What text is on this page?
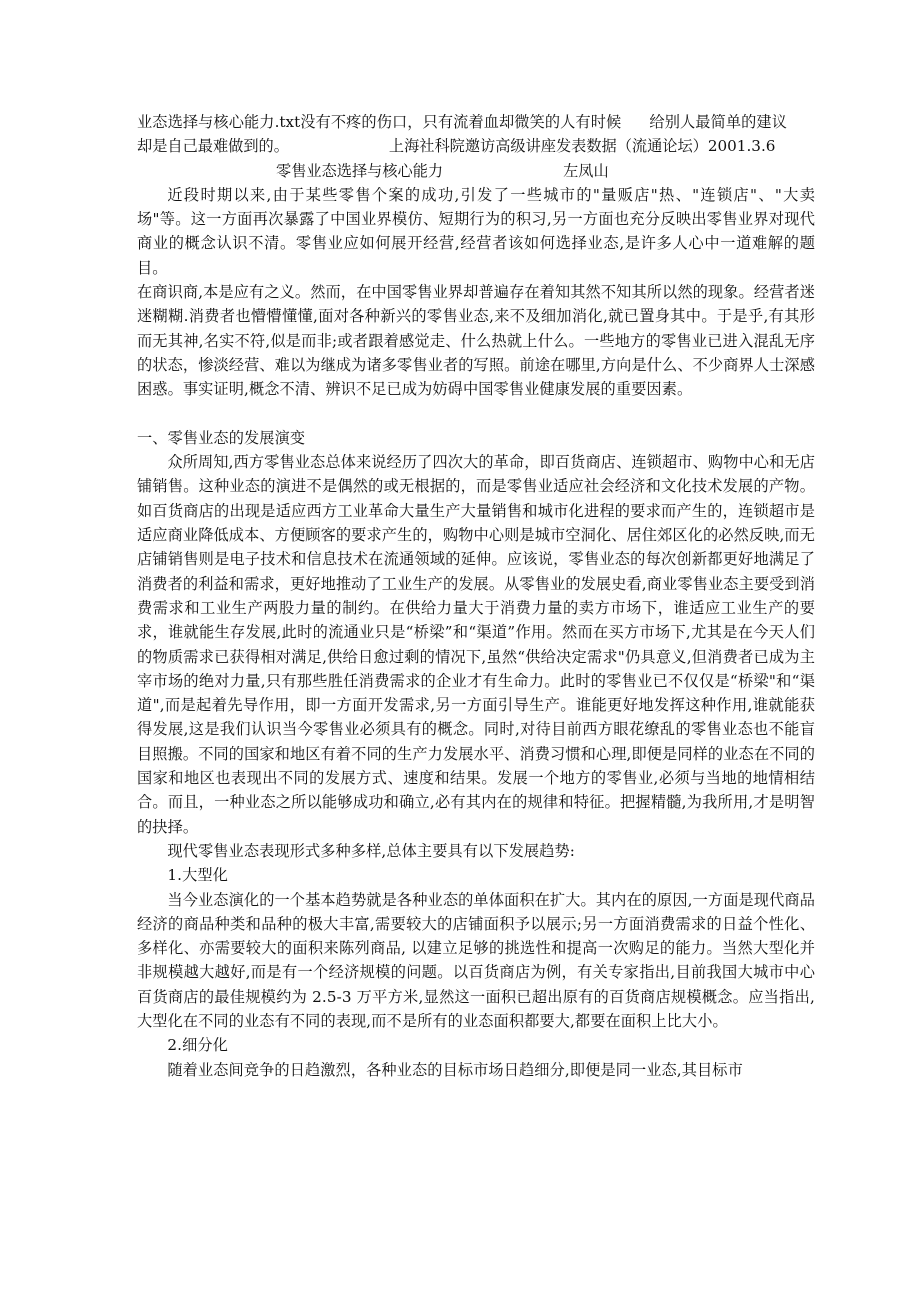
业态选择与核心能力.txt没有不疼的伤口，只有流着血却微笑的人有时候 给别人最简单的建议却是自己最难做到的。	上海社科院邀访高级讲座发表数据（流通论坛）2001.3.6
零售业态选择与核心能力	左凤山

近段时期以来,由于某些零售个案的成功,引发了一些城市的"量贩店"热、"连锁店"、"大卖场"等。这一方面再次暴露了中国业界模仿、短期行为的积习,另一方面也充分反映出零售业界对现代商业的概念认识不清。零售业应如何展开经营,经营者该如何选择业态,是许多人心中一道难解的题目。

在商识商,本是应有之义。然而，在中国零售业界却普遍存在着知其然不知其所以然的现象。经营者迷迷糊糊.消费者也懵懵懂懂,面对各种新兴的零售业态,来不及细加消化,就已置身其中。于是乎,有其形而无其神,名实不符,似是而非;或者跟着感觉走、什么热就上什么。一些地方的零售业已进入混乱无序的状态，惨淡经营、难以为继成为诸多零售业者的写照。前途在哪里,方向是什么、不少商界人士深感困惑。事实证明,概念不清、辨识不足已成为妨碍中国零售业健康发展的重要因素。

一、零售业态的发展演变

众所周知,西方零售业态总体来说经历了四次大的革命，即百货商店、连锁超市、购物中心和无店铺销售。这种业态的演进不是偶然的或无根据的，而是零售业适应社会经济和文化技术发展的产物。如百货商店的出现是适应西方工业革命大量生产大量销售和城市化进程的要求而产生的，连锁超市是适应商业降低成本、方便顾客的要求产生的，购物中心则是城市空洞化、居住郊区化的必然反映,而无店铺销售则是电子技术和信息技术在流通领域的延伸。应该说，零售业态的每次创新都更好地满足了消费者的利益和需求，更好地推动了工业生产的发展。从零售业的发展史看,商业零售业态主要受到消费需求和工业生产两股力量的制约。在供给力量大于消费力量的卖方市场下，谁适应工业生产的要求，谁就能生存发展,此时的流通业只是“桥梁”和“渠道”作用。然而在买方市场下,尤其是在今天人们的物质需求已获得相对满足,供给日愈过剩的情况下,虽然“供给决定需求"仍具意义,但消费者已成为主宰市场的绝对力量,只有那些胜任消费需求的企业才有生命力。此时的零售业已不仅仅是“桥梁"和“渠道",而是起着先导作用，即一方面开发需求,另一方面引导生产。谁能更好地发挥这种作用,谁就能获得发展,这是我们认识当今零售业必须具有的概念。同时,对待目前西方眼花缭乱的零售业态也不能盲目照搬。不同的国家和地区有着不同的生产力发展水平、消费习惯和心理,即便是同样的业态在不同的国家和地区也表现出不同的发展方式、速度和结果。发展一个地方的零售业,必须与当地的地情相结合。而且，一种业态之所以能够成功和确立,必有其内在的规律和特征。把握精髓,为我所用,才是明智的抉择。

现代零售业态表现形式多种多样,总体主要具有以下发展趋势:

1.大型化

当今业态演化的一个基本趋势就是各种业态的单体面积在扩大。其内在的原因,一方面是现代商品经济的商品种类和品种的极大丰富,需要较大的店铺面积予以展示;另一方面消费需求的日益个性化、多样化、亦需要较大的面积来陈列商品, 以建立足够的挑选性和提高一次购足的能力。当然大型化并非规模越大越好,而是有一个经济规模的问题。以百货商店为例，有关专家指出,目前我国大城市中心百货商店的最佳规模约为 2.5-3 万平方米,显然这一面积已超出原有的百货商店规模概念。应当指出,大型化在不同的业态有不同的表现,而不是所有的业态面积都要大,都要在面积上比大小。

2.细分化

随着业态间竞争的日趋激烈，各种业态的目标市场日趋细分,即便是同一业态,其目标市
